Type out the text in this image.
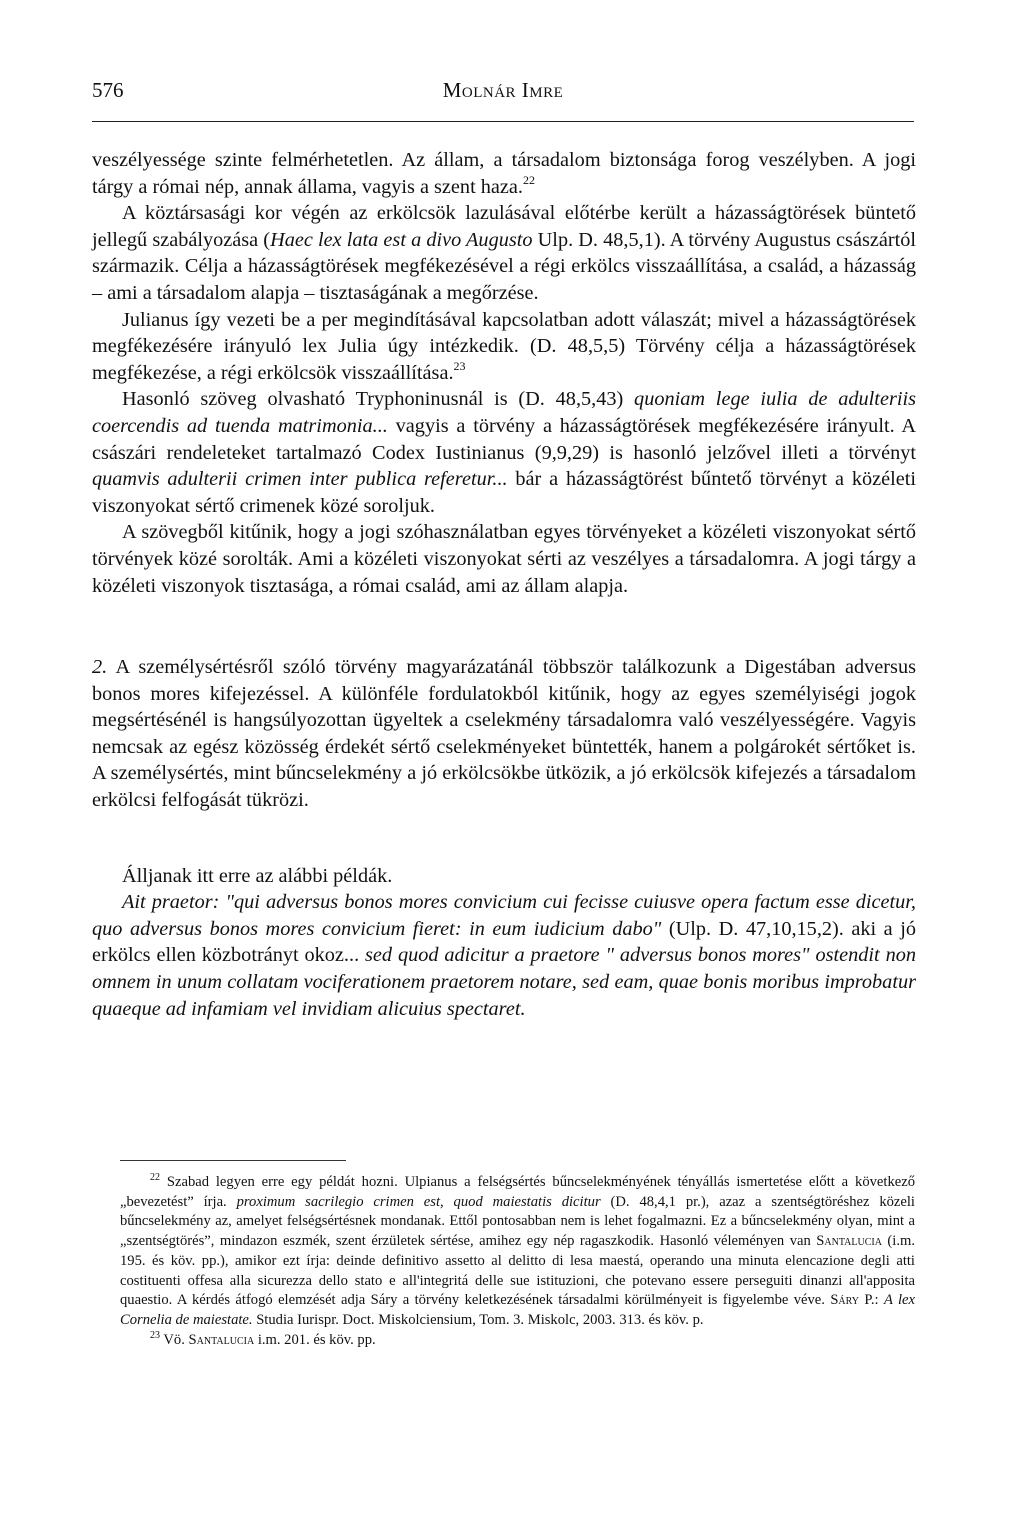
576	Molnár Imre

veszélyessége szinte felmérhetetlen. Az állam, a társadalom biztonsága forog veszélyben. A jogi tárgy a római nép, annak állama, vagyis a szent haza.$^{22}$

A köztársasági kor végén az erkölcsök lazulásával előtérbe került a házasságtörések büntető jellegű szabályozása (Haec lex lata est a divo Augusto Ulp. D. 48,5,1). A törvény Augustus császártól származik. Célja a házasságtörések megfékezésével a régi erkölcs visszaállítása, a család, a házasság – ami a társadalom alapja – tisztaságának a megőrzése.

Julianus így vezeti be a per megindításával kapcsolatban adott válaszát; mivel a házasságtörések megfékezésére irányuló lex Julia úgy intézkedik. (D. 48,5,5) Törvény célja a házasságtörések megfékezése, a régi erkölcsök visszaállítása.$^{23}$

Hasonló szöveg olvasható Tryphoninusnál is (D. 48,5,43) quoniam lege iulia de adulteriis coercendis ad tuenda matrimonia... vagyis a törvény a házasságtörések megfékezésére irányult. A császári rendeleteket tartalmazó Codex Iustinianus (9,9,29) is hasonló jelzővel illeti a törvényt quamvis adulterii crimen inter publica referetur... bár a házasságtörést bűntető törvényt a közéleti viszonyokat sértő crimenek közé soroljuk.

A szövegből kitűnik, hogy a jogi szóhasználatban egyes törvényeket a közéleti viszonyokat sértő törvények közé sorolták. Ami a közéleti viszonyokat sérti az veszélyes a társadalomra. A jogi tárgy a közéleti viszonyok tisztasága, a római család, ami az állam alapja.

2. A személysértésről szóló törvény magyarázatánál többször találkozunk a Digestában adversus bonos mores kifejezéssel. A különféle fordulatokból kitűnik, hogy az egyes személyiségi jogok megsértésénél is hangsúlyozottan ügyeltek a cselekmény társadalomra való veszélyességére. Vagyis nemcsak az egész közösség érdekét sértő cselekményeket büntették, hanem a polgárokét sértőket is. A személysértés, mint bűncselekmény a jó erkölcsökbe ütközik, a jó erkölcsök kifejezés a társadalom erkölcsi felfogását tükrözi.

Álljanak itt erre az alábbi példák.

Ait praetor: "qui adversus bonos mores convicium cui fecisse cuiusve opera factum esse dicetur, quo adversus bonos mores convicium fieret: in eum iudicium dabo" (Ulp. D. 47,10,15,2). aki a jó erkölcs ellen közbotrányt okoz... sed quod adicitur a praetore " adversus bonos mores" ostendit non omnem in unum collatam vociferationem praetorem notare, sed eam, quae bonis moribus improbatur quaeque ad infamiam vel invidiam alicuius spectaret.

$^{22}$ Szabad legyen erre egy példát hozni. Ulpianus a felségsértés bűncselekményének tényállás ismertetése előtt a következő „bevezetést” írja. proximum sacrilegio crimen est, quod maiestatis dicitur (D. 48,4,1 pr.), azaz a szentségtöréshez közeli bűncselekmény az, amelyet felségsértésnek mondanak. Ettől pontosabban nem is lehet fogalmazni. Ez a bűncselekmény olyan, mint a „szentségtörés”, mindazon eszmék, szent érzületek sértése, amihez egy nép ragaszkodik. Hasonló véleményen van Santalucia (i.m. 195. és köv. pp.), amikor ezt írja: deinde definitivo assetto al delitto di lesa maestá, operando una minuta elencazione degli atti costituenti offesa alla sicurezza dello stato e all'integritá delle sue istituzioni, che potevano essere perseguiti dinanzi all'apposita quaestio. A kérdés átfogó elemzését adja Sáry a törvény keletkezésének társadalmi körülményeit is figyelembe véve. Sáry P.: A lex Cornelia de maiestate. Studia Iurispr. Doct. Miskolciensium, Tom. 3. Miskolc, 2003. 313. és köv. p.

$^{23}$ Vö. Santalucia i.m. 201. és köv. pp.
